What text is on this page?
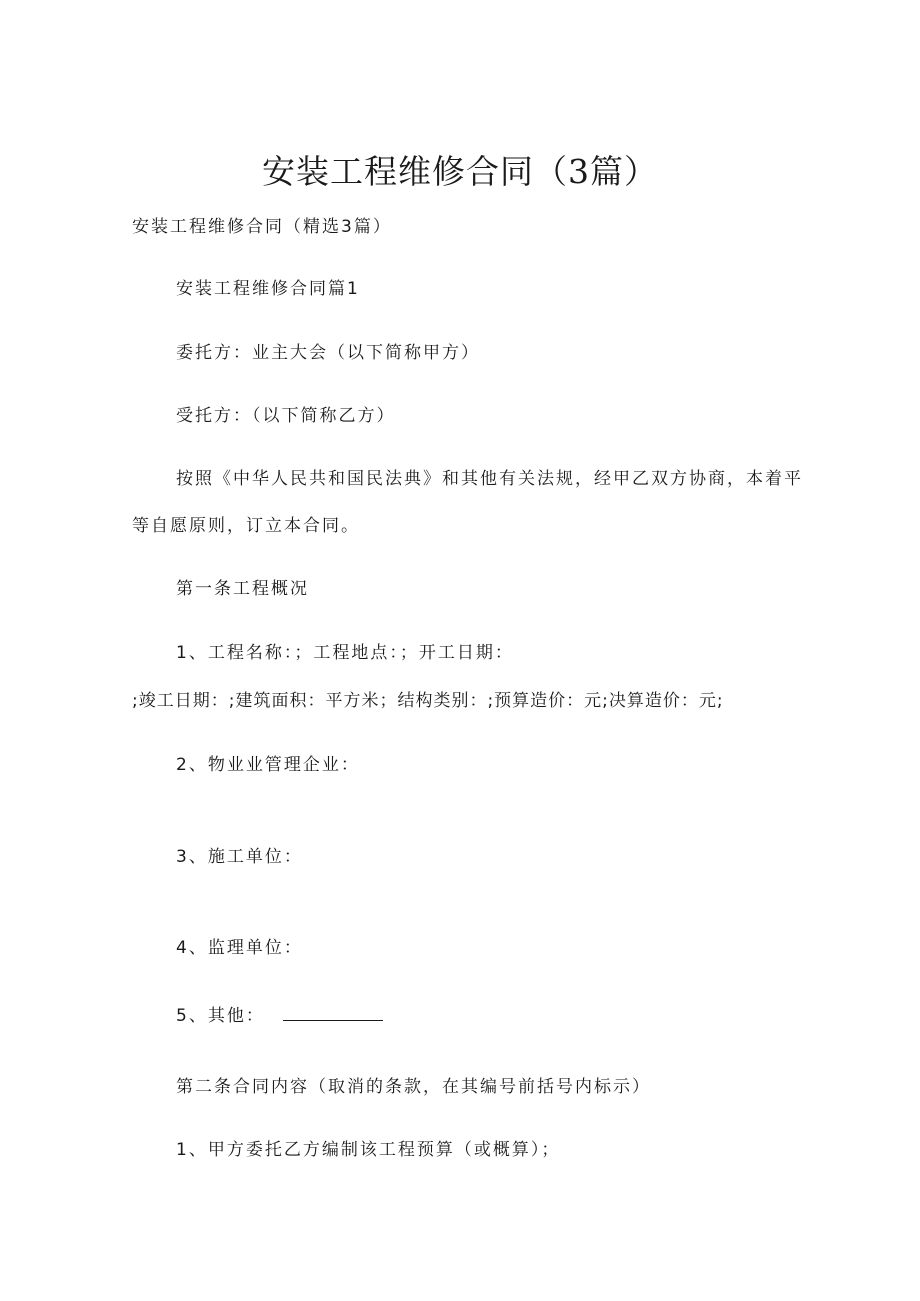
安装工程维修合同（3篇）
安装工程维修合同（精选3篇）
安装工程维修合同篇1
委托方：业主大会（以下简称甲方）
受托方：（以下简称乙方）
按照《中华人民共和国民法典》和其他有关法规，经甲乙双方协商，本着平
等自愿原则，订立本合同。
第一条工程概况
1、工程名称：；工程地点：；开工日期：
;竣工日期：;建筑面积：平方米；结构类别：;预算造价：元;决算造价：元;
2、物业业管理企业：
3、施工单位：
4、监理单位：
5、其他：
第二条合同内容（取消的条款，在其编号前括号内标示）
1、甲方委托乙方编制该工程预算（或概算）；
